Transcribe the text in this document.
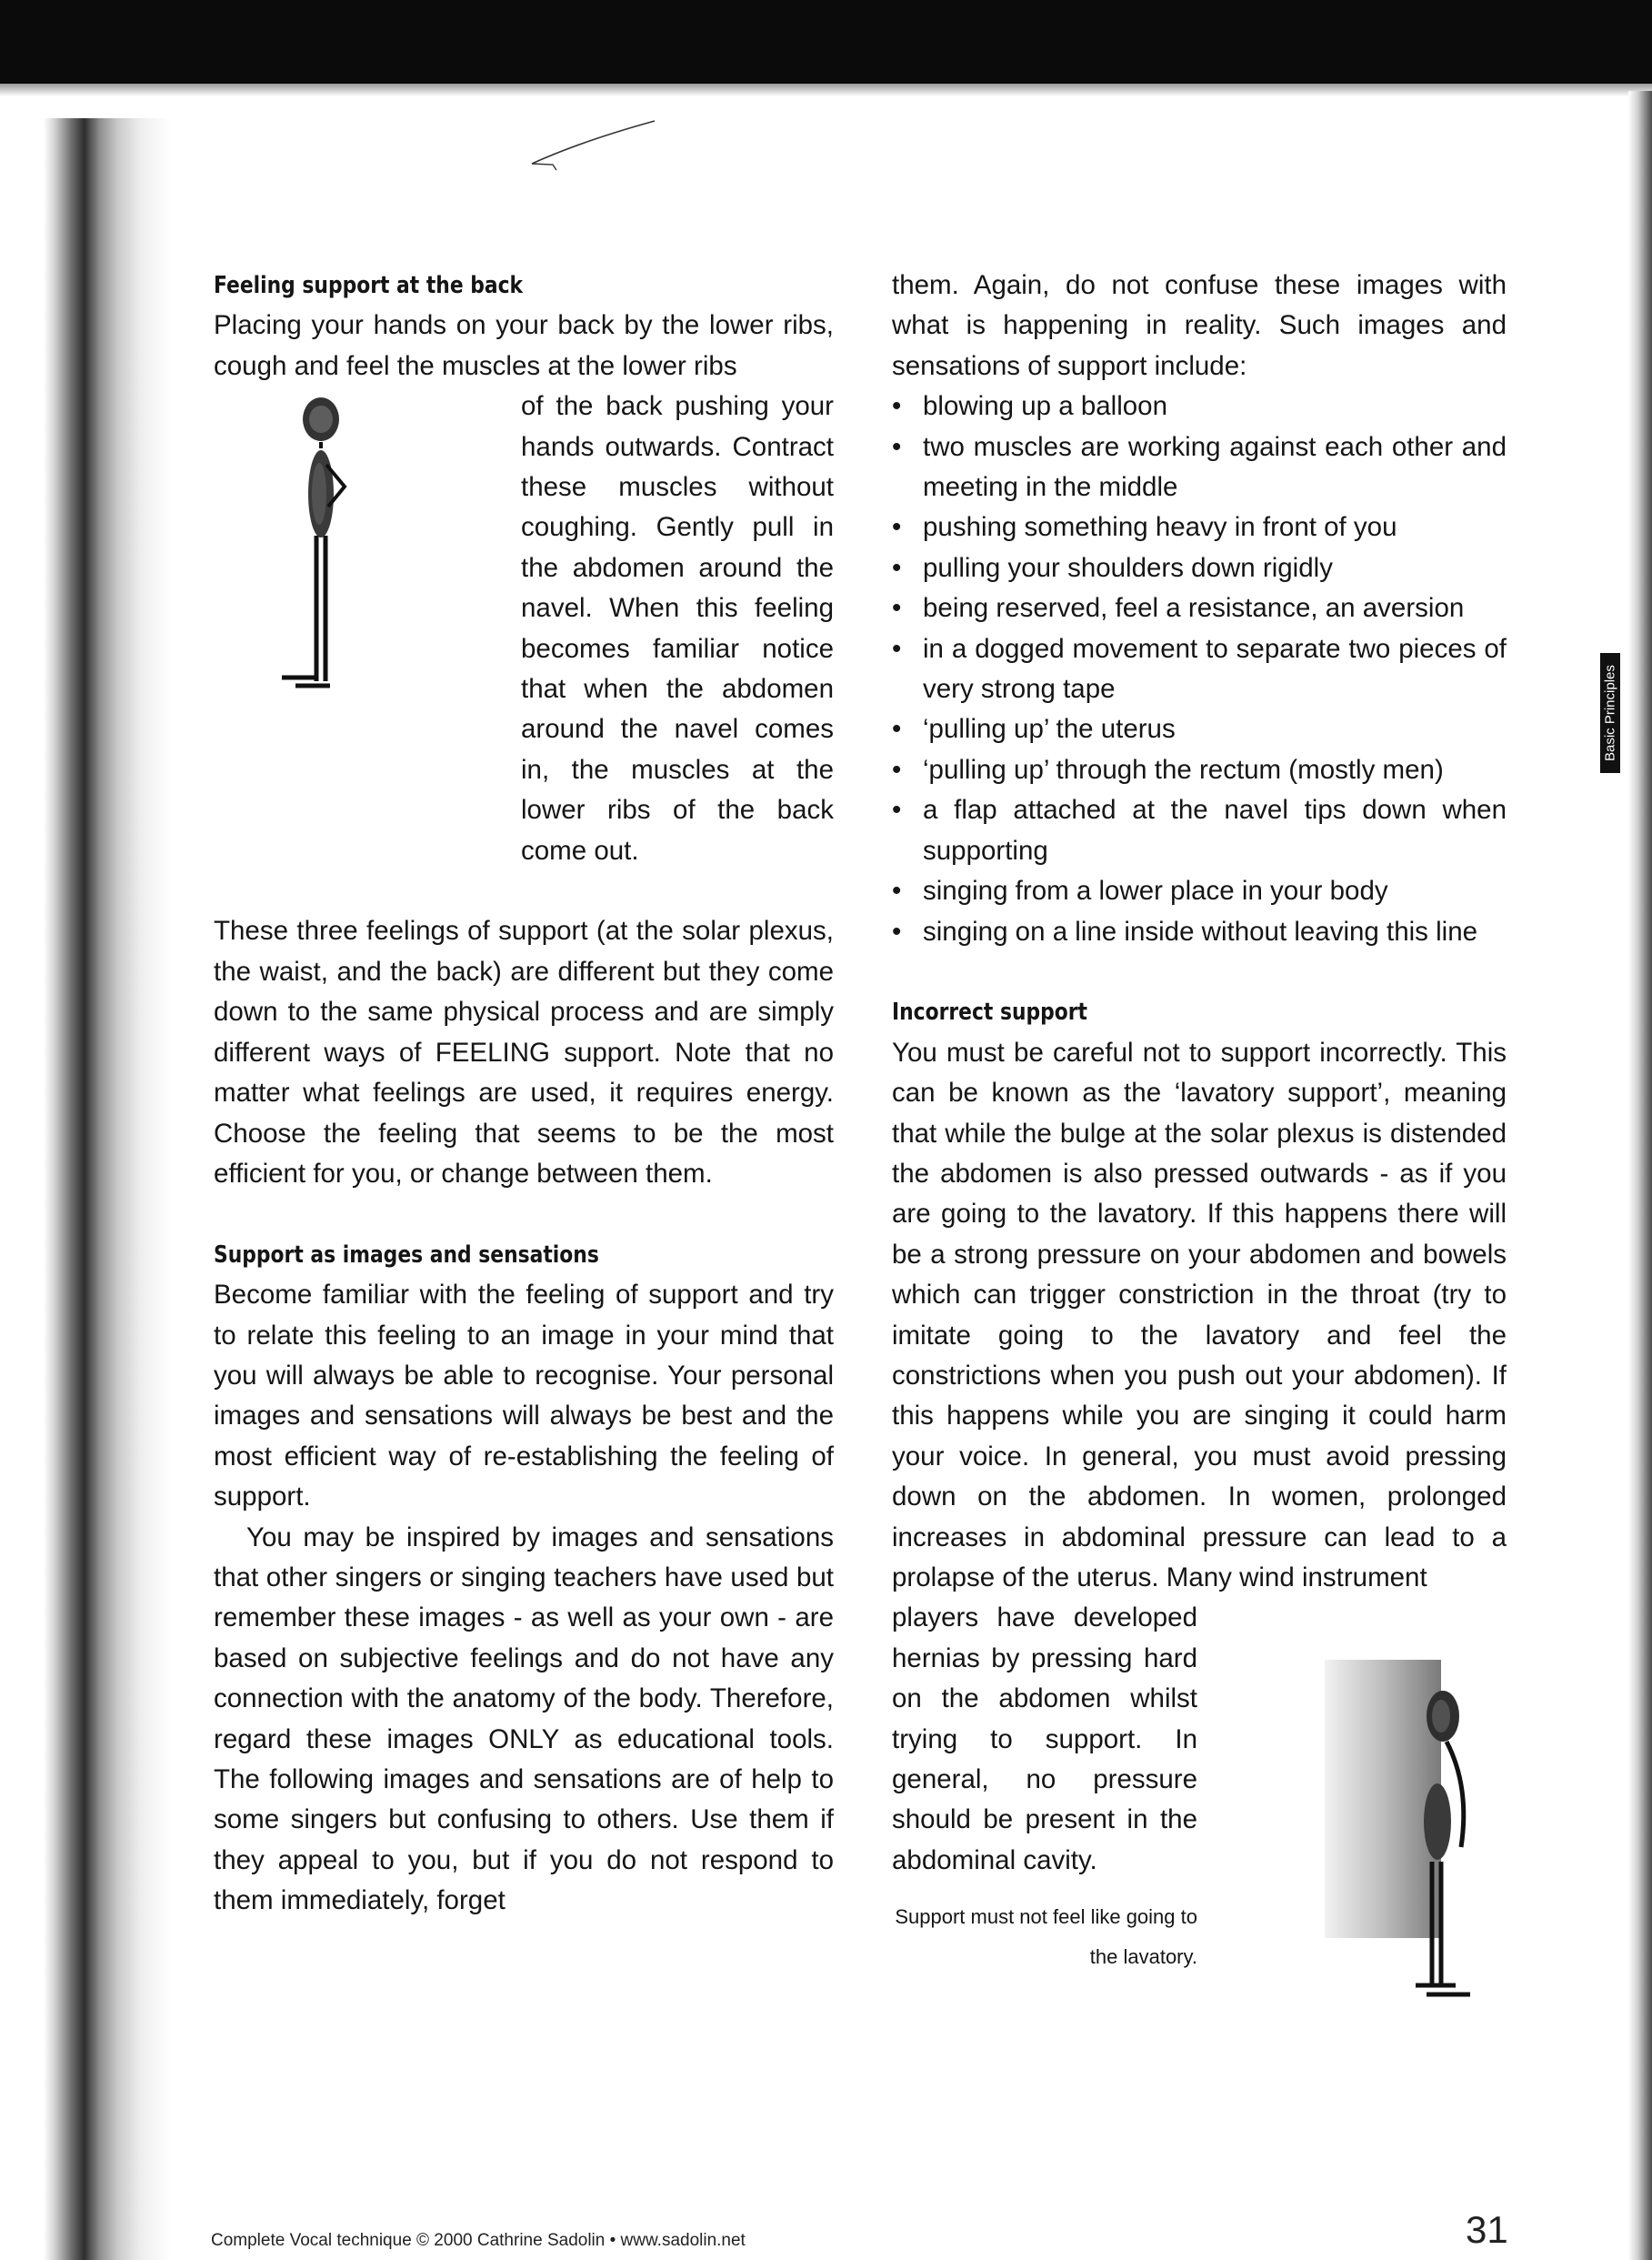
Basic Principles
Feeling support at the back

Placing your hands on your back by the lower ribs, cough and feel the muscles at the lower ribs

of the back pushing your hands outwards. Contract these muscles without coughing. Gently pull in the abdomen around the navel. When this feeling becomes familiar notice that when the abdomen around the navel comes in, the muscles at the lower ribs of the back come out.

These three feelings of support (at the solar plexus, the waist, and the back) are different but they come down to the same physical process and are simply different ways of FEELING support. Note that no matter what feelings are used, it requires energy. Choose the feeling that seems to be the most efficient for you, or change between them.

Support as images and sensations

Become familiar with the feeling of support and try to relate this feeling to an image in your mind that you will always be able to recognise. Your personal images and sensations will always be best and the most efficient way of re-establishing the feeling of support.

You may be inspired by images and sensations that other singers or singing teachers have used but remember these images - as well as your own - are based on subjective feelings and do not have any connection with the anatomy of the body. Therefore, regard these images ONLY as educational tools. The following images and sensations are of help to some singers but confusing to others. Use them if they appeal to you, but if you do not respond to them immediately, forget

them. Again, do not confuse these images with what is happening in reality. Such images and sensations of support include:

• blowing up a balloon
• two muscles are working against each other and meeting in the middle
• pushing something heavy in front of you
• pulling your shoulders down rigidly
• being reserved, feel a resistance, an aversion
• in a dogged movement to separate two pieces of very strong tape
• ‘pulling up’ the uterus
• ‘pulling up’ through the rectum (mostly men)
• a flap attached at the navel tips down when supporting
• singing from a lower place in your body
• singing on a line inside without leaving this line
Incorrect support

You must be careful not to support incorrectly. This can be known as the ‘lavatory support’, meaning that while the bulge at the solar plexus is distended the abdomen is also pressed outwards - as if you are going to the lavatory. If this happens there will be a strong pressure on your abdomen and bowels which can trigger constriction in the throat (try to imitate going to the lavatory and feel the constrictions when you push out your abdomen). If this happens while you are singing it could harm your voice. In general, you must avoid pressing down on the abdomen. In women, prolonged increases in abdominal pressure can lead to a prolapse of the uterus. Many wind instrument

players have developed hernias by pressing hard on the abdomen whilst trying to support. In general, no pressure should be present in the abdominal cavity.

Support must not feel like going to the lavatory.
Complete Vocal technique © 2000 Cathrine Sadolin • www.sadolin.net	31
